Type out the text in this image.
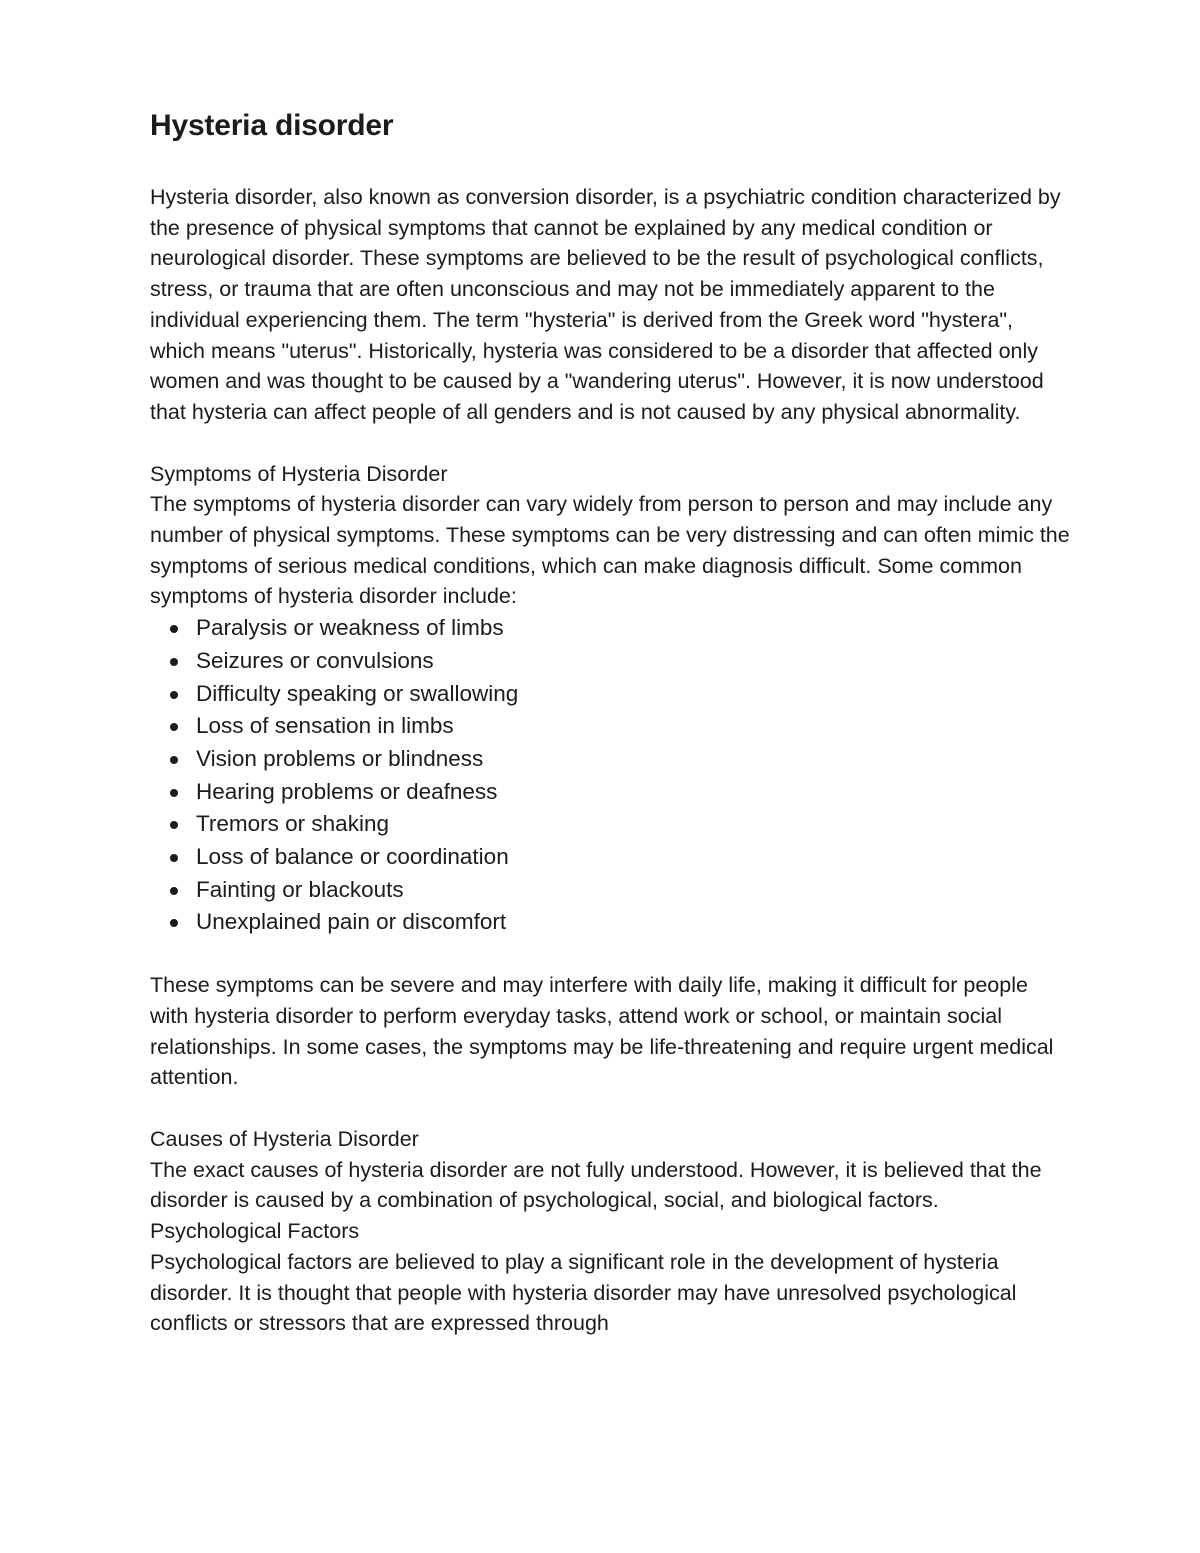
Hysteria disorder

Hysteria disorder, also known as conversion disorder, is a psychiatric condition characterized by the presence of physical symptoms that cannot be explained by any medical condition or neurological disorder. These symptoms are believed to be the result of psychological conflicts, stress, or trauma that are often unconscious and may not be immediately apparent to the individual experiencing them. The term "hysteria" is derived from the Greek word "hystera", which means "uterus". Historically, hysteria was considered to be a disorder that affected only women and was thought to be caused by a "wandering uterus". However, it is now understood that hysteria can affect people of all genders and is not caused by any physical abnormality.

Symptoms of Hysteria Disorder

The symptoms of hysteria disorder can vary widely from person to person and may include any number of physical symptoms. These symptoms can be very distressing and can often mimic the symptoms of serious medical conditions, which can make diagnosis difficult. Some common symptoms of hysteria disorder include:

Paralysis or weakness of limbs
Seizures or convulsions
Difficulty speaking or swallowing
Loss of sensation in limbs
Vision problems or blindness
Hearing problems or deafness
Tremors or shaking
Loss of balance or coordination
Fainting or blackouts
Unexplained pain or discomfort

These symptoms can be severe and may interfere with daily life, making it difficult for people with hysteria disorder to perform everyday tasks, attend work or school, or maintain social relationships. In some cases, the symptoms may be life-threatening and require urgent medical attention.

Causes of Hysteria Disorder

The exact causes of hysteria disorder are not fully understood. However, it is believed that the disorder is caused by a combination of psychological, social, and biological factors.

Psychological Factors

Psychological factors are believed to play a significant role in the development of hysteria disorder. It is thought that people with hysteria disorder may have unresolved psychological conflicts or stressors that are expressed through
